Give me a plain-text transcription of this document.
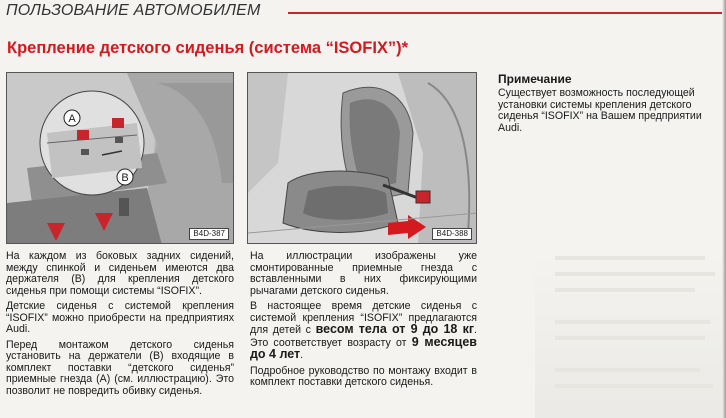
ПОЛЬЗОВАНИЕ АВТОМОБИЛЕМ
Крепление детского сиденья (система “ISOFIX”)*
A
B
B4D-387	B4D-388

На каждом из боковых задних сидений, между спинкой и сиденьем имеются два держателя (B) для крепления детского сиденья при помощи системы “ISOFIX”.

Детские сиденья с системой крепления “ISOFIX” можно приобрести на предприятиях Audi.

Перед монтажом детского сиденья установить на держатели (B) входящие в комплект поставки “детского сиденья” приемные гнезда (A) (см. иллюстрацию). Это позволит не повредить обивку сиденья.

На иллюстрации изображены уже смонтированные приемные гнезда с вставленными в них фиксирующими рычагами детского сиденья.

В настоящее время детские сиденья с системой крепления “ISOFIX” предлагаются для детей с весом тела от 9 до 18 кг. Это соответствует возрасту от 9 месяцев до 4 лет.

Подробное руководство по монтажу входит в комплект поставки детского сиденья.

Примечание
Существует возможность последующей
установки системы крепления детского
сиденья “ISOFIX” на Вашем предприятии
Audi.
